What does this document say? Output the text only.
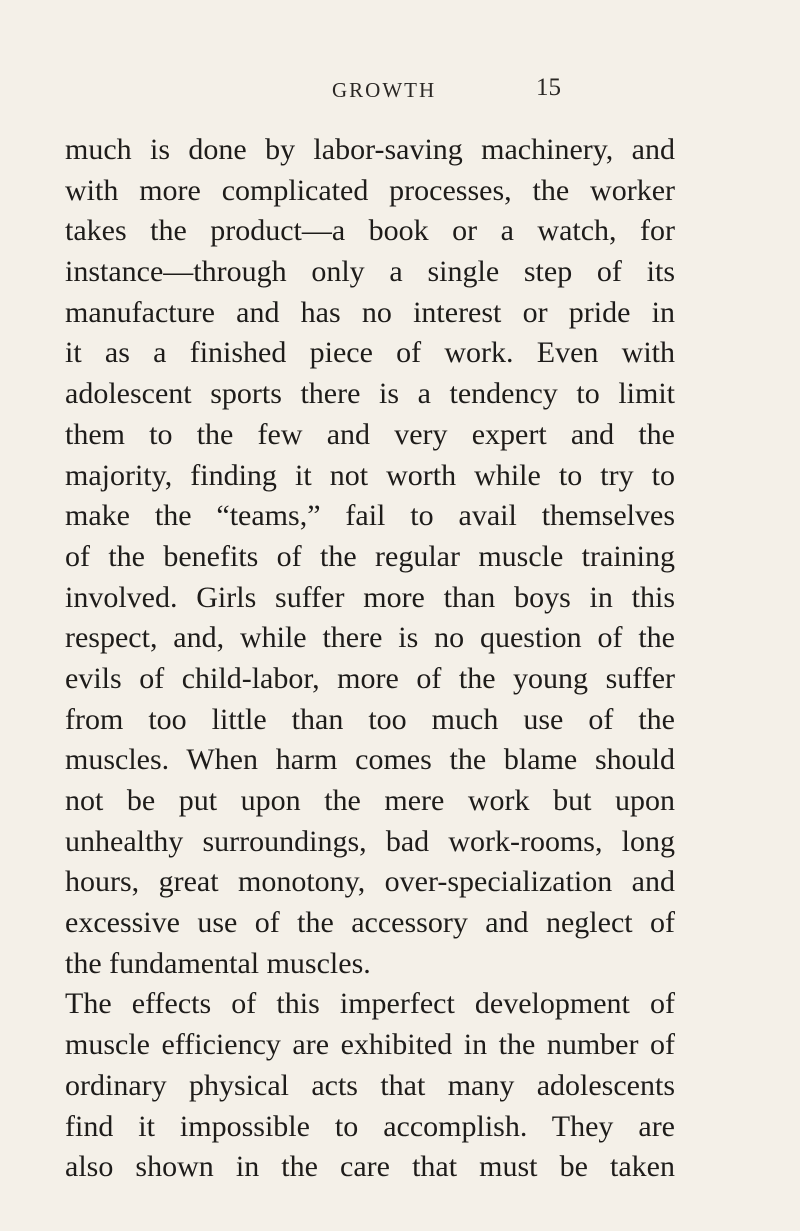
GROWTH	15
much is done by labor-saving machinery, and
with more complicated processes, the worker
takes the product—a book or a watch, for
instance—through only a single step of its
manufacture and has no interest or pride in
it as a finished piece of work. Even with
adolescent sports there is a tendency to limit
them to the few and very expert and the
majority, finding it not worth while to try to
make the “teams,” fail to avail themselves
of the benefits of the regular muscle training
involved. Girls suffer more than boys in this
respect, and, while there is no question of the
evils of child-labor, more of the young suffer
from too little than too much use of the
muscles. When harm comes the blame should
not be put upon the mere work but upon
unhealthy surroundings, bad work-rooms, long
hours, great monotony, over-specialization and
excessive use of the accessory and neglect of
the fundamental muscles.
The effects of this imperfect development of
muscle efficiency are exhibited in the number of
ordinary physical acts that many adolescents
find it impossible to accomplish. They are
also shown in the care that must be taken
